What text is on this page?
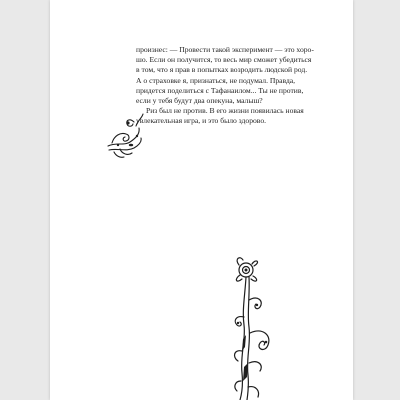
произнес: — Провести такой эксперимент — это хоро-
шо. Если он получится, то весь мир сможет убедиться
в том, что я прав в попытках возродить людской род.
А о страховке я, признаться, не подумал. Правда,
придется поделиться с Тафанаилом... Ты не против,
если у тебя будут два опекуна, малыш?

Риз был не против. В его жизни появилась новая
увлекательная игра, и это было здорово.
